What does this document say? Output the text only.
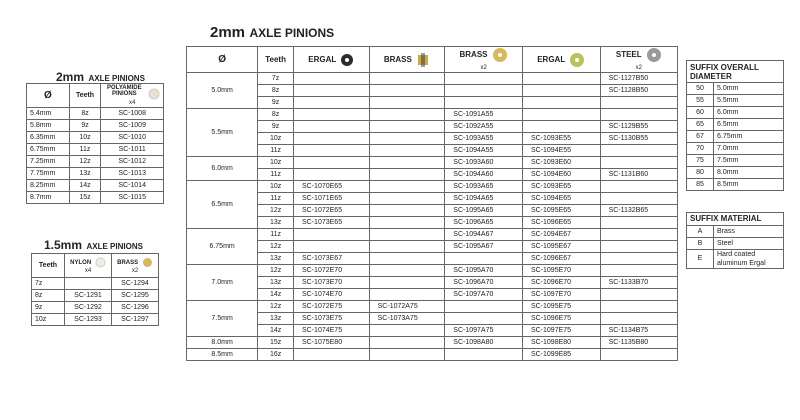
2mm AXLE PINIONS
Ø	Teeth	ERGAL	BRASS	BRASS
x2	ERGAL	STEEL
x2
5.0mm	7z					SC-1127B50
	8z					SC-1128B50
	9z					
5.5mm	8z			SC-1091A55		
	9z			SC-1092A55		SC-1129B55
	10z			SC-1093A55	SC-1093E55	SC-1130B55
	11z			SC-1094A55	SC-1094E55	
6.0mm	10z			SC-1093A60	SC-1093E60	
	11z			SC-1094A60	SC-1094E60	SC-1131B60
6.5mm	10z	SC-1070E65		SC-1093A65	SC-1093E65	
	11z	SC-1071E65		SC-1094A65	SC-1094E65	
	12z	SC-1072E65		SC-1095A65	SC-1095E65	SC-1132B65
	13z	SC-1073E65		SC-1096A65	SC-1096E65	
6.75mm	11z			SC-1094A67	SC-1094E67	
	12z			SC-1095A67	SC-1095E67	
	13z	SC-1073E67			SC-1096E67	
7.0mm	12z	SC-1072E70		SC-1095A70	SC-1095E70	
	13z	SC-1073E70		SC-1096A70	SC-1096E70	SC-1133B70
	14z	SC-1074E70		SC-1097A70	SC-1097E70	
7.5mm	12z	SC-1072E75	SC-1072A75		SC-1095E75	
	13z	SC-1073E75	SC-1073A75		SC-1096E75	
	14z	SC-1074E75		SC-1097A75	SC-1097E75	SC-1134B75
8.0mm	15z	SC-1075E80		SC-1098A80	SC-1098E80	SC-1135B80
8.5mm	16z				SC-1099E85	
2mm AXLE PINIONS
Ø	Teeth	POLYAMIDE PINIONS
x4
5.4mm	8z	SC-1008
5.8mm	9z	SC-1009
6.35mm	10z	SC-1010
6.75mm	11z	SC-1011
7.25mm	12z	SC-1012
7.75mm	13z	SC-1013
8.25mm	14z	SC-1014
8.7mm	15z	SC-1015
1.5mm AXLE PINIONS
Teeth	NYLON
x4	BRASS
x2
7z		SC-1294
8z	SC-1291	SC-1295
9z	SC-1292	SC-1296
10z	SC-1293	SC-1297
SUFFIX OVERALL DIAMETER	
50	5.0mm
55	5.5mm
60	6.0mm
65	6.5mm
67	6.75mm
70	7.0mm
75	7.5mm
80	8.0mm
85	8.5mm
SUFFIX MATERIAL	
A	Brass
B	Steel
E	Hard coated aluminum Ergal
